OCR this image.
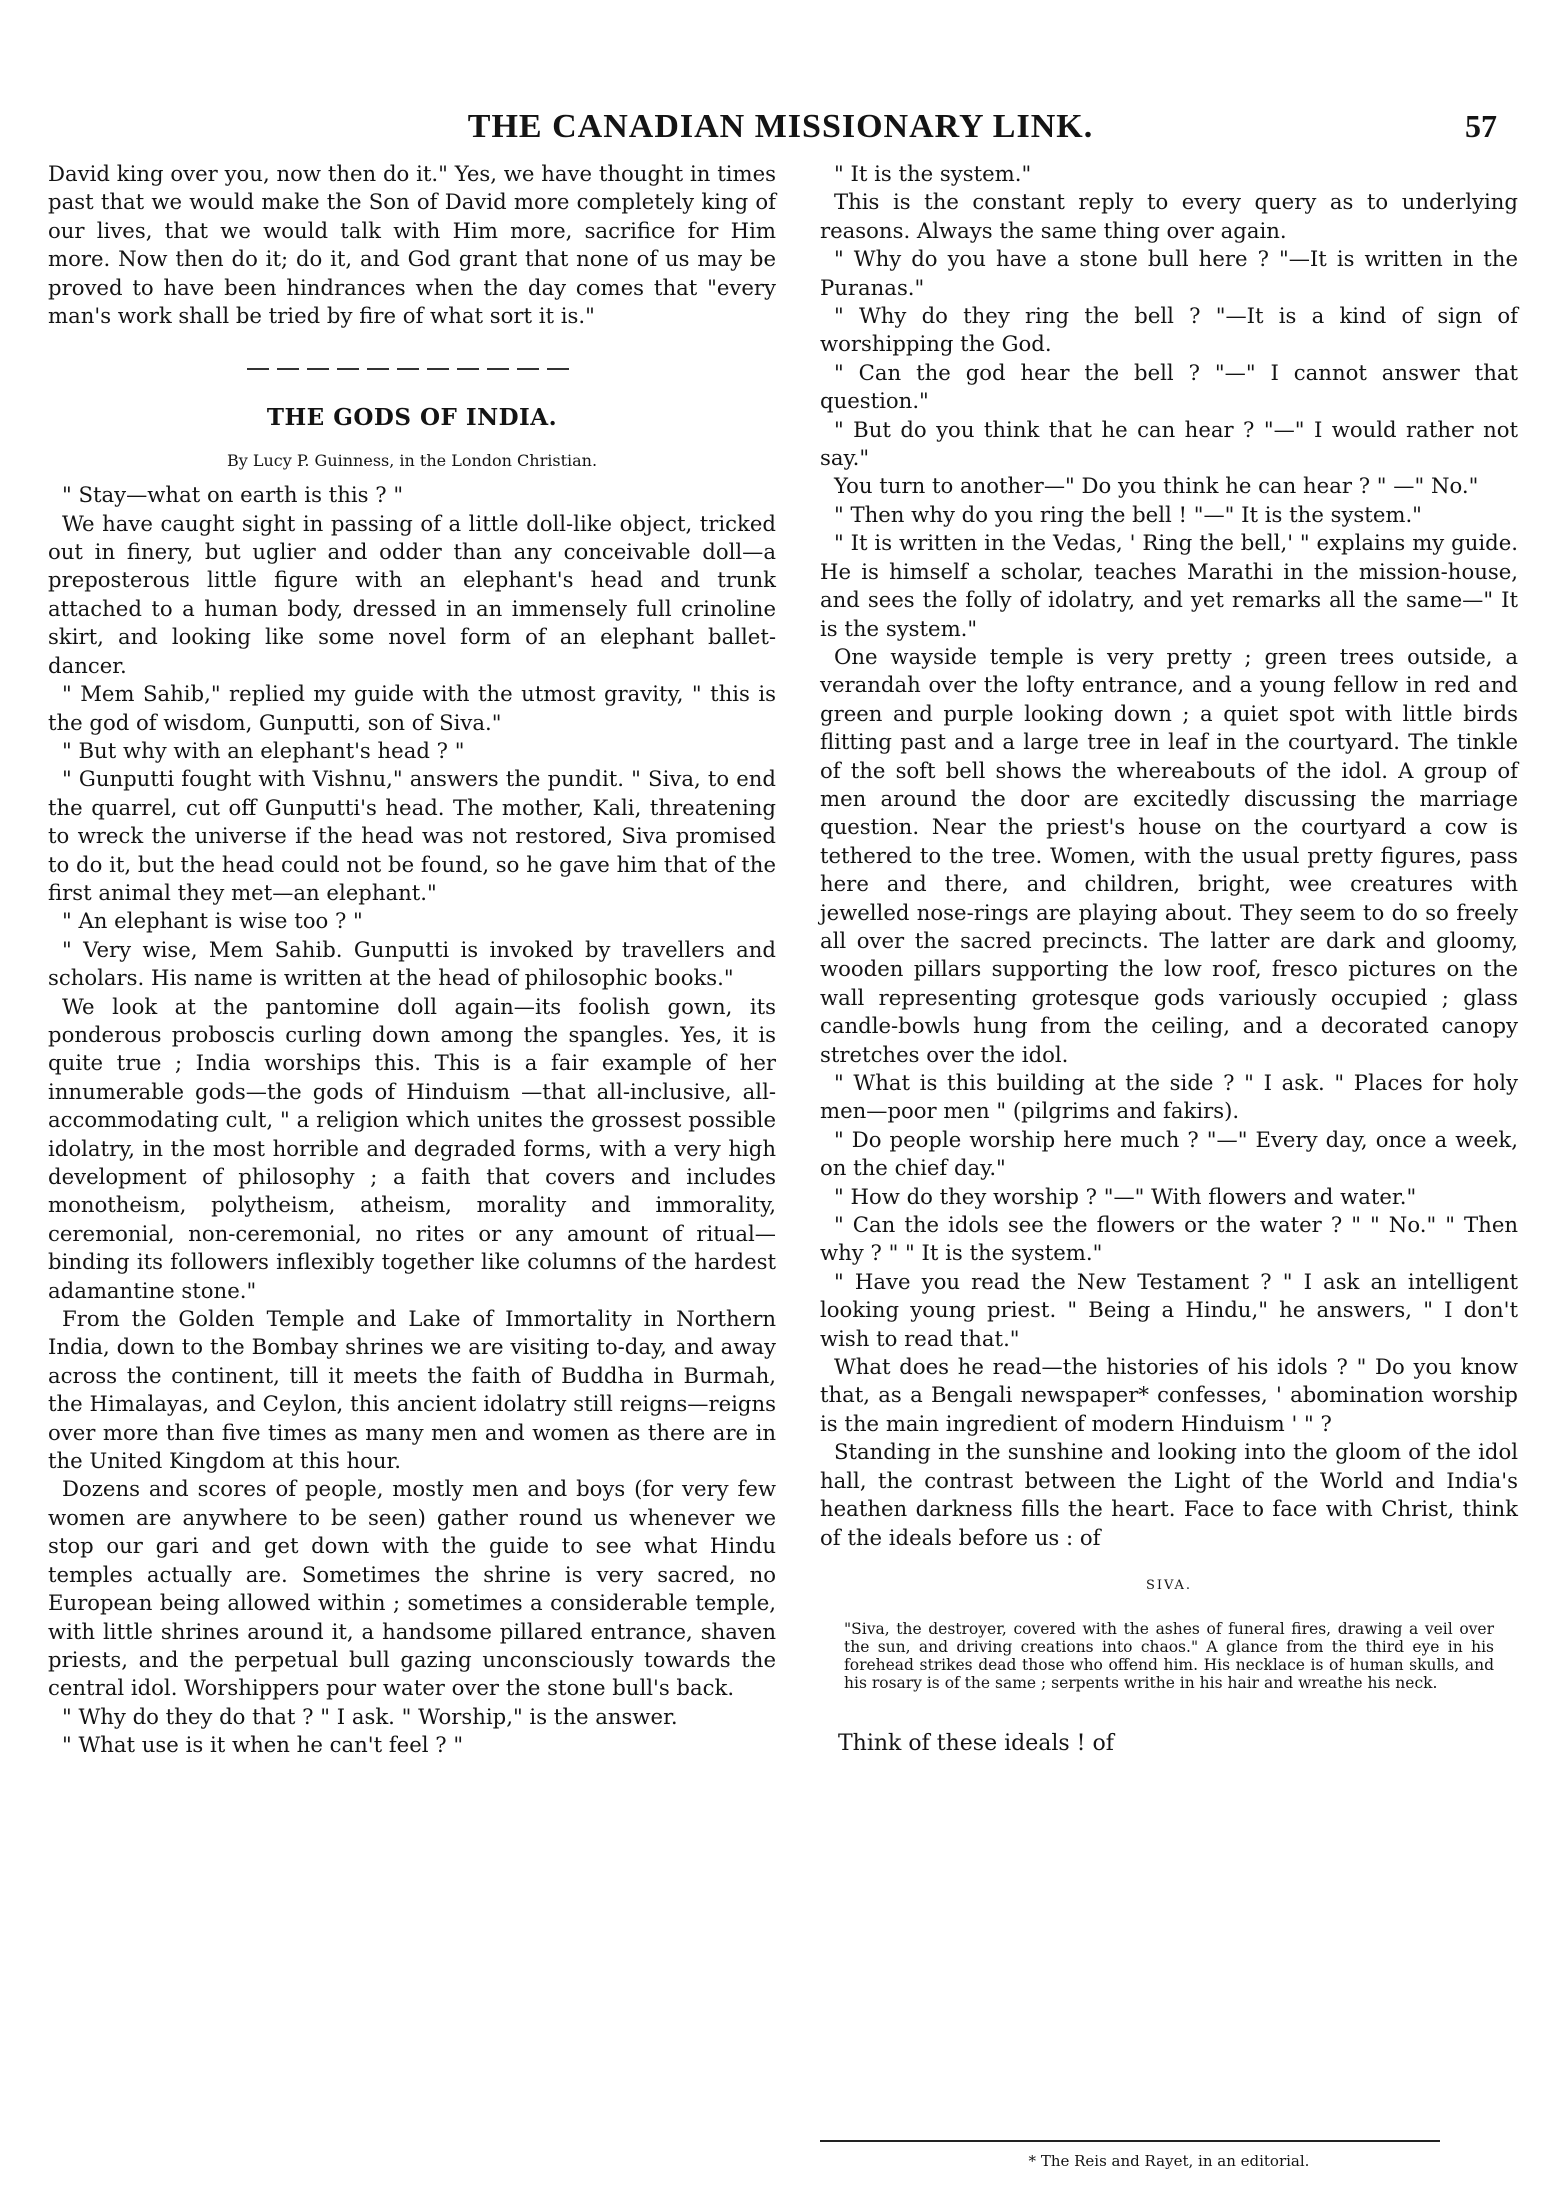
THE CANADIAN MISSIONARY LINK.	57

David king over you, now then do it." Yes, we have thought in times past that we would make the Son of David more completely king of our lives, that we would talk with Him more, sacrifice for Him more. Now then do it; do it, and God grant that none of us may be proved to have been hindrances when the day comes that "every man's work shall be tried by fire of what sort it is."

THE GODS OF INDIA.
By Lucy P. Guinness, in the London Christian.

" Stay—what on earth is this ? "

We have caught sight in passing of a little doll-like object, tricked out in finery, but uglier and odder than any conceivable doll—a preposterous little figure with an elephant's head and trunk attached to a human body, dressed in an immensely full crinoline skirt, and looking like some novel form of an elephant ballet-dancer.

" Mem Sahib," replied my guide with the utmost gravity, " this is the god of wisdom, Gunputti, son of Siva."

" But why with an elephant's head ? "

" Gunputti fought with Vishnu," answers the pundit. " Siva, to end the quarrel, cut off Gunputti's head. The mother, Kali, threatening to wreck the universe if the head was not restored, Siva promised to do it, but the head could not be found, so he gave him that of the first animal they met—an elephant."

" An elephant is wise too ? "

" Very wise, Mem Sahib. Gunputti is invoked by travellers and scholars. His name is written at the head of philosophic books."

We look at the pantomine doll again—its foolish gown, its ponderous proboscis curling down among the spangles. Yes, it is quite true ; India worships this. This is a fair example of her innumerable gods—the gods of Hinduism —that all-inclusive, all-accommodating cult, " a religion which unites the grossest possible idolatry, in the most horrible and degraded forms, with a very high development of philosophy ; a faith that covers and includes monotheism, polytheism, atheism, morality and immorality, ceremonial, non-ceremonial, no rites or any amount of ritual—binding its followers inflexibly together like columns of the hardest adamantine stone."

From the Golden Temple and Lake of Immortality in Northern India, down to the Bombay shrines we are visiting to-day, and away across the continent, till it meets the faith of Buddha in Burmah, the Himalayas, and Ceylon, this ancient idolatry still reigns—reigns over more than five times as many men and women as there are in the United Kingdom at this hour.

Dozens and scores of people, mostly men and boys (for very few women are anywhere to be seen) gather round us whenever we stop our gari and get down with the guide to see what Hindu temples actually are. Sometimes the shrine is very sacred, no European being allowed within ; sometimes a considerable temple, with little shrines around it, a handsome pillared entrance, shaven priests, and the perpetual bull gazing unconsciously towards the central idol. Worshippers pour water over the stone bull's back.

" Why do they do that ? " I ask. " Worship," is the answer.

" What use is it when he can't feel ? "

" It is the system."

This is the constant reply to every query as to underlying reasons. Always the same thing over again.

" Why do you have a stone bull here ? "—It is written in the Puranas."

" Why do they ring the bell ? "—It is a kind of sign of worshipping the God.

" Can the god hear the bell ? "—" I cannot answer that question."

" But do you think that he can hear ? "—" I would rather not say."

You turn to another—" Do you think he can hear ? " —" No."

" Then why do you ring the bell ! "—" It is the system."

" It is written in the Vedas, ' Ring the bell,' " explains my guide. He is himself a scholar, teaches Marathi in the mission-house, and sees the folly of idolatry, and yet remarks all the same—" It is the system."

One wayside temple is very pretty ; green trees outside, a verandah over the lofty entrance, and a young fellow in red and green and purple looking down ; a quiet spot with little birds flitting past and a large tree in leaf in the courtyard. The tinkle of the soft bell shows the whereabouts of the idol. A group of men around the door are excitedly discussing the marriage question. Near the priest's house on the courtyard a cow is tethered to the tree. Women, with the usual pretty figures, pass here and there, and children, bright, wee creatures with jewelled nose-rings are playing about. They seem to do so freely all over the sacred precincts. The latter are dark and gloomy, wooden pillars supporting the low roof, fresco pictures on the wall representing grotesque gods variously occupied ; glass candle-bowls hung from the ceiling, and a decorated canopy stretches over the idol.

" What is this building at the side ? " I ask. " Places for holy men—poor men " (pilgrims and fakirs).

" Do people worship here much ? "—" Every day, once a week, on the chief day."

" How do they worship ? "—" With flowers and water."

" Can the idols see the flowers or the water ? " " No." " Then why ? " " It is the system."

" Have you read the New Testament ? " I ask an intelligent looking young priest. " Being a Hindu," he answers, " I don't wish to read that."

What does he read—the histories of his idols ? " Do you know that, as a Bengali newspaper* confesses, ' abomination worship is the main ingredient of modern Hinduism ' " ?

Standing in the sunshine and looking into the gloom of the idol hall, the contrast between the Light of the World and India's heathen darkness fills the heart. Face to face with Christ, think of the ideals before us : of

SIVA.
"Siva, the destroyer, covered with the ashes of funeral fires, drawing a veil over the sun, and driving creations into chaos." A glance from the third eye in his forehead strikes dead those who offend him. His necklace is of human skulls, and his rosary is of the same ; serpents writhe in his hair and wreathe his neck.
Think of these ideals ! of
* The Reis and Rayet, in an editorial.
